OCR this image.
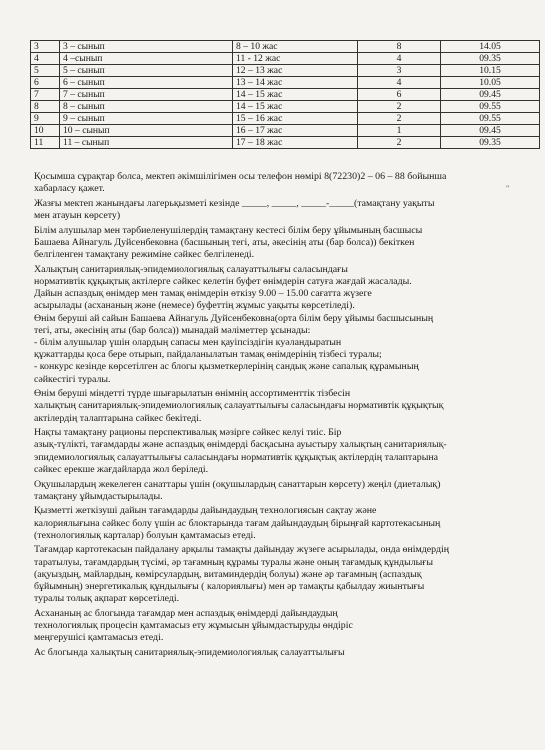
3	3 – сынып	8 – 10 жас	8	14.05
4	4 –сынып	11 - 12 жас	4	09.35
5	5 – сынып	12 – 13 жас	3	10.15
6	6 – сынып	13 – 14 жас	4	10.05
7	7 – сынып	14 – 15 жас	6	09.45
8	8 – сынып	14 – 15 жас	2	09.55
9	9 – сынып	15 – 16 жас	2	09.55
10	10 – сынып	16 – 17 жас	1	09.45
11	11 – сынып	17 – 18 жас	2	09.35
"
Қосымша сұрақтар болса, мектеп әкімшілігімен осы телефон нөмірі 8(72230)2 – 06 – 88 бойынша
хабарласу қажет.
Жазғы мектеп жанындағы лагерьқызметі кезінде _____, _____, _____-_____(тамақтану уақыты
мен атауын көрсету)
Білім алушылар мен тәрбиеленушілердің тамақтану кестесі білім беру ұйымының басшысы
Башаева Айнагуль Дуйсенбековна (басшының тегі, аты, әкесінің аты (бар болса)) бекіткен
белгіленген тамақтану режиміне сәйкес белгіленеді.
Халықтың санитариялық-эпидемиологиялық салауаттылығы саласындағы
нормативтік құқықтық актілерге сәйкес келетін буфет өнімдерін сатуға жағдай жасалады.
Дайын аспаздық өнімдер мен тамақ өнімдерін өткізу 9.00 – 15.00 сағатта жүзеге
асырылады (асхананың және (немесе) буфеттің жұмыс уақыты көрсетіледі).
Өнім беруші ай сайын Башаева Айнагуль Дуйсенбековна(орта білім беру ұйымы басшысының
тегі, аты, әкесінің аты (бар болса)) мынадай мәліметтер ұсынады:
- білім алушылар үшін олардың сапасы мен қауіпсіздігін куәландыратын
құжаттарды қоса бере отырып, пайдаланылатын тамақ өнімдерінің тізбесі туралы;
- конкурс кезінде көрсетілген ас блогы қызметкерлерінің сандық және сапалық құрамының
сәйкестігі туралы.
Өнім беруші міндетті түрде шығарылатын өнімнің ассортименттік тізбесін
халықтың санитариялық-эпидемиологиялық салауаттылығы саласындағы нормативтік құқықтық
актілердің талаптарына сәйкес бекітеді.
Нақты тамақтану рационы перспективалық мәзірге сәйкес келуі тиіс. Бір
азық-түлікті, тағамдарды және аспаздық өнімдерді басқасына ауыстыру халықтың санитариялық-
эпидемиологиялық салауаттылығы саласындағы нормативтік құқықтық актілердің талаптарына
сәйкес ерекше жағдайларда жол беріледі.
Оқушылардың жекелеген санаттары үшін (оқушылардың санаттарын көрсету) жеңіл (диеталық)
тамақтану ұйымдастырылады.
Қызметті жеткізуші дайын тағамдарды дайындаудың технологиясын сақтау және
калориялығына сәйкес болу үшін ас блоктарында тағам дайындаудың бірыңғай картотекасының
(технологиялық карталар) болуын қамтамасыз етеді.
Тағамдар картотекасын пайдалану арқылы тамақты дайындау жүзеге асырылады, онда өнімдердің
таратылуы, тағамдардың түсімі, әр тағамның құрамы туралы және оның тағамдық құндылығы
(ақуыздың, майлардың, көмірсулардың, витаминдердің болуы) және әр тағамның (аспаздық
бұйымның) энергетикалық құндылығы ( калориялығы) мен әр тамақты қабылдау жиынтығы
туралы толық ақпарат көрсетіледі.
Асхананың ас блогында тағамдар мен аспаздық өнімдерді дайындаудың
технологиялық процесін қамтамасыз ету жұмысын ұйымдастыруды өндіріс
меңгерушісі қамтамасыз етеді.
Ас блогында халықтың санитариялық-эпидемиологиялық салауаттылығы
